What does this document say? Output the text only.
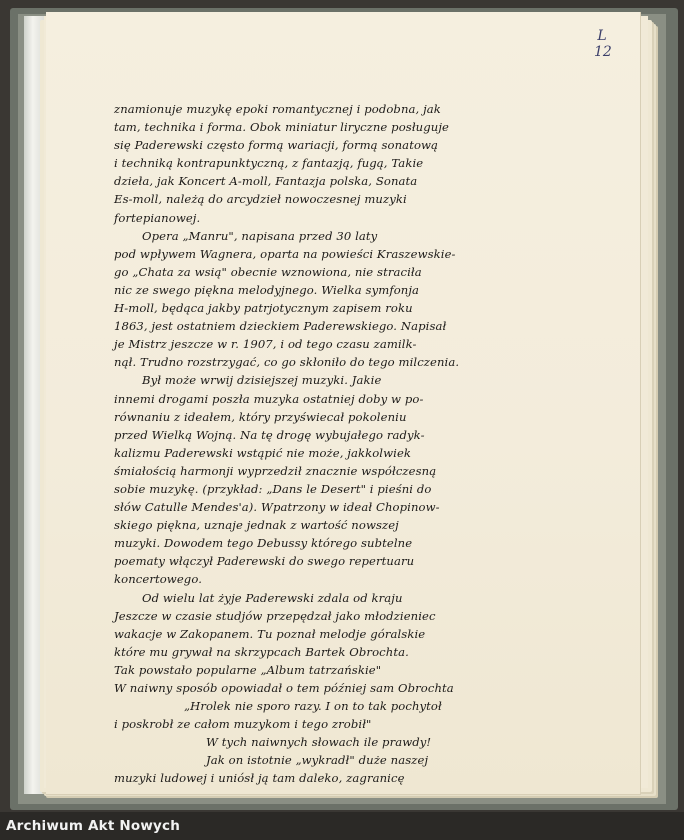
L
12

znamionuje muzykę epoki romantycznej i podobna, jak

tam, technika i forma. Obok miniatur liryczne posługuje

się Paderewski często formą wariacji, formą sonatową

i techniką kontrapunktyczną, z fantazją, fugą, Takie

dzieła, jak Koncert A-moll, Fantazja polska, Sonata

Es-moll, należą do arcydzieł nowoczesnej muzyki

fortepianowej.

Opera „Manru", napisana przed 30 laty

pod wpływem Wagnera, oparta na powieści Kraszewskie-

go „Chata za wsią" obecnie wznowiona, nie straciła

nic ze swego piękna melodyjnego. Wielka symfonja

H-moll, będąca jakby patrjotycznym zapisem roku

1863, jest ostatniem dzieckiem Paderewskiego. Napisał

je Mistrz jeszcze w r. 1907, i od tego czasu zamilk-

nął. Trudno rozstrzygać, co go skłoniło do tego milczenia.

Był może wrwij dzisiejszej muzyki. Jakie

innemi drogami poszła muzyka ostatniej doby w po-

równaniu z ideałem, który przyświecał pokoleniu

przed Wielką Wojną. Na tę drogę wybujałego radyk-

kalizmu Paderewski wstąpić nie może, jakkolwiek

śmiałością harmonji wyprzedził znacznie współczesną

sobie muzykę. (przykład: „Dans le Desert" i pieśni do

słów Catulle Mendes'a). Wpatrzony w ideał Chopinow-

skiego piękna, uznaje jednak z wartość nowszej

muzyki. Dowodem tego Debussy którego subtelne

poematy włączył Paderewski do swego repertuaru

koncertowego.

Od wielu lat żyje Paderewski zdala od kraju

Jeszcze w czasie studjów przepędzał jako młodzieniec

wakacje w Zakopanem. Tu poznał melodje góralskie

które mu grywał na skrzypcach Bartek Obrochta.

Tak powstało popularne „Album tatrzańskie"

W naiwny sposób opowiadał o tem później sam Obrochta

„Hrolek nie sporo razy. I on to tak pochytoł

i poskrobł ze całom muzykom i tego zrobił"

W tych naiwnych słowach ile prawdy!

Jak on istotnie „wykradł" duże naszej

muzyki ludowej i uniósł ją tam daleko, zagranicę

Archiwum Akt Nowych
